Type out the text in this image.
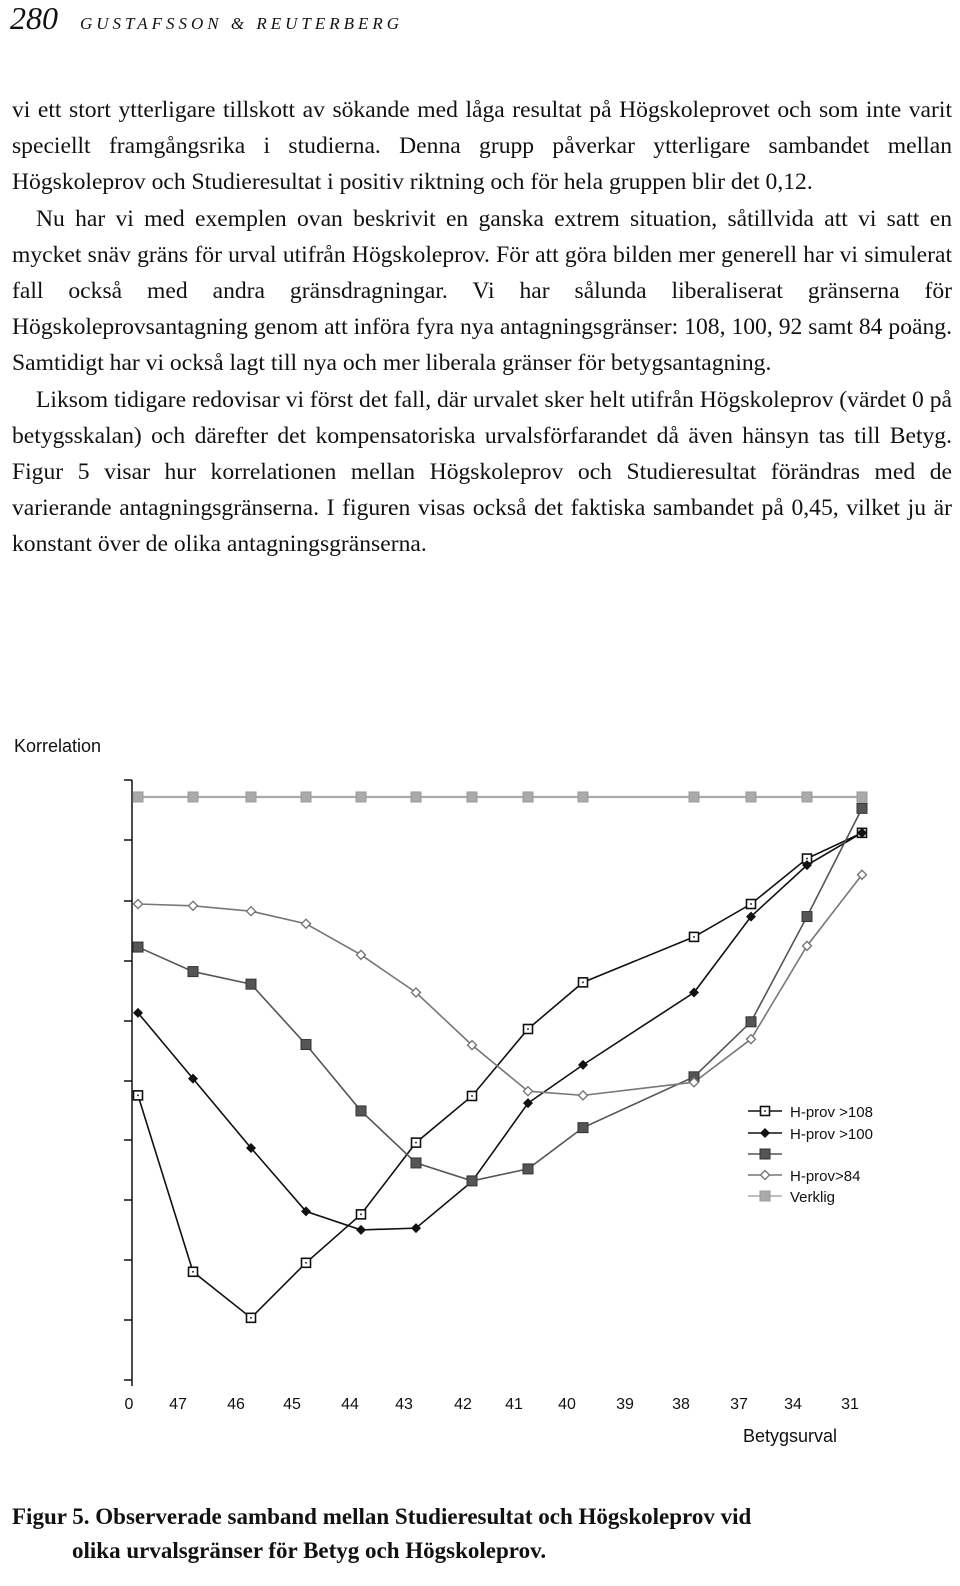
280 GUSTAFSSON & REUTERBERG

vi ett stort ytterligare tillskott av sökande med låga resultat på Högskoleprovet och som inte varit speciellt framgångsrika i studierna. Denna grupp påverkar ytterligare sambandet mellan Högskoleprov och Studieresultat i positiv riktning och för hela gruppen blir det 0,12.

Nu har vi med exemplen ovan beskrivit en ganska extrem situation, såtillvida att vi satt en mycket snäv gräns för urval utifrån Högskoleprov. För att göra bilden mer generell har vi simulerat fall också med andra gränsdragningar. Vi har sålunda liberaliserat gränserna för Högskoleprovsantagning genom att införa fyra nya antagningsgränser: 108, 100, 92 samt 84 poäng. Samtidigt har vi också lagt till nya och mer liberala gränser för betygsantagning.

Liksom tidigare redovisar vi först det fall, där urvalet sker helt utifrån Högskoleprov (värdet 0 på betygsskalan) och därefter det kompensatoriska urvalsförfarandet då även hänsyn tas till Betyg. Figur 5 visar hur korrelationen mellan Högskoleprov och Studieresultat förändras med de varierande antagningsgränserna. I figuren visas också det faktiska sambandet på 0,45, vilket ju är konstant över de olika antagningsgränserna.

Korrelation
0 47	46 45	44 43	42 41 40	39 38	37 34 31
Betygsurval
H-prov >108
H-prov >100
H-prov>84
Verklig
Figur 5. Observerade samband mellan Studieresultat och Högskoleprov vid
olika urvalsgränser för Betyg och Högskoleprov.
